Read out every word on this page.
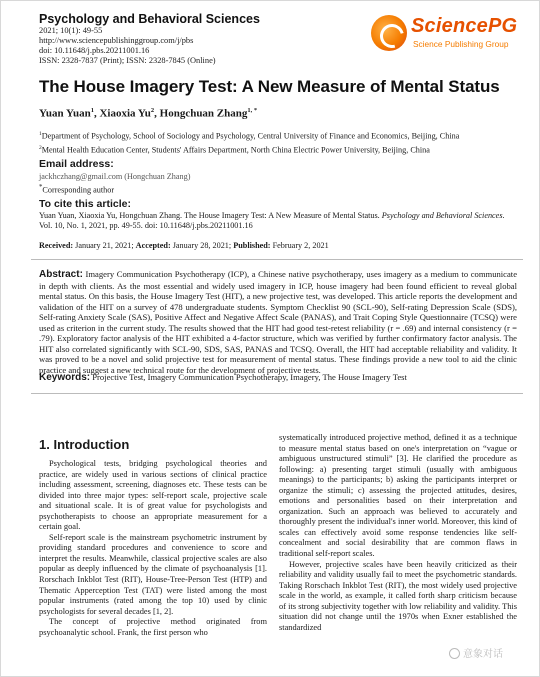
Psychology and Behavioral Sciences
2021; 10(1): 49-55
http://www.sciencepublishinggroup.com/j/pbs
doi: 10.11648/j.pbs.20211001.16
ISSN: 2328-7837 (Print); ISSN: 2328-7845 (Online)
SciencePG
Science Publishing Group
The House Imagery Test: A New Measure of Mental Status
Yuan Yuan$^1$, Xiaoxia Yu$^2$, Hongchuan Zhang$^{1, *}$
$^1$Department of Psychology, School of Sociology and Psychology, Central University of Finance and Economics, Beijing, China
$^2$Mental Health Education Center, Students' Affairs Department, North China Electric Power University, Beijing, China
Email address:
jackhczhang@gmail.com (Hongchuan Zhang)
*Corresponding author
To cite this article:
Yuan Yuan, Xiaoxia Yu, Hongchuan Zhang. The House Imagery Test: A New Measure of Mental Status. Psychology and Behavioral Sciences. Vol. 10, No. 1, 2021, pp. 49-55. doi: 10.11648/j.pbs.20211001.16
Received: January 21, 2021; Accepted: January 28, 2021; Published: February 2, 2021
Abstract: Imagery Communication Psychotherapy (ICP), a Chinese native psychotherapy, uses imagery as a medium to communicate in depth with clients. As the most essential and widely used imagery in ICP, house imagery had been found efficient to reveal global mental status. On this basis, the House Imagery Test (HIT), a new projective test, was developed. This article reports the development and validation of the HIT on a survey of 478 undergraduate students. Symptom Checklist 90 (SCL-90), Self-rating Depression Scale (SDS), Self-rating Anxiety Scale (SAS), Positive Affect and Negative Affect Scale (PANAS), and Trait Coping Style Questionnaire (TCSQ) were used as criterion in the current study. The results showed that the HIT had good test-retest reliability (r = .69) and internal consistency (r = .79). Exploratory factor analysis of the HIT exhibited a 4-factor structure, which was verified by further confirmatory factor analysis. The HIT also correlated significantly with SCL-90, SDS, SAS, PANAS and TCSQ. Overall, the HIT had acceptable reliability and validity. It was proved to be a novel and solid projective test for measurement of mental status. These findings provide a new tool to aid the clinic practice and suggest a new technical route for the development of projective tests.
Keywords: Projective Test, Imagery Communication Psychotherapy, Imagery, The House Imagery Test
1. Introduction

Psychological tests, bridging psychological theories and practice, are widely used in various sections of clinical practice including assessment, screening, diagnoses etc. These tests can be divided into three major types: self-report scale, projective scale and situational scale. It is of great value for psychologists and psychotherapists to choose an appropriate measurement for a certain goal.

Self-report scale is the mainstream psychometric instrument by providing standard procedures and convenience to score and interpret the results. Meanwhile, classical projective scales are also popular as deeply influenced by the climate of psychoanalysis [1]. Rorschach Inkblot Test (RIT), House-Tree-Person Test (HTP) and Thematic Apperception Test (TAT) were listed among the most popular instruments (rated among the top 10) used by clinic psychologists for several decades [1, 2].

The concept of projective method originated from psychoanalytic school. Frank, the first person who

systematically introduced projective method, defined it as a technique to measure mental status based on one's interpretation on “vague or ambiguous unstructured stimuli” [3]. He clarified the procedure as following: a) presenting target stimuli (usually with ambiguous meanings) to the participants; b) asking the participants interpret or organize the stimuli; c) assessing the projected attitudes, desires, emotions and personalities based on their interpretation and organization. Such an approach was believed to accurately and thoroughly present the individual's inner world. Moreover, this kind of scales can effectively avoid some response tendencies like self-concealment and social desirability that are common flaws in traditional self-report scales.

However, projective scales have been heavily criticized as their reliability and validity usually fail to meet the psychometric standards. Taking Rorschach Inkblot Test (RIT), the most widely used projective scale in the world, as example, it called forth sharp criticism because of its strong subjectivity together with low reliability and validity. This situation did not change until the 1970s when Exner established the standardized

意象对话
